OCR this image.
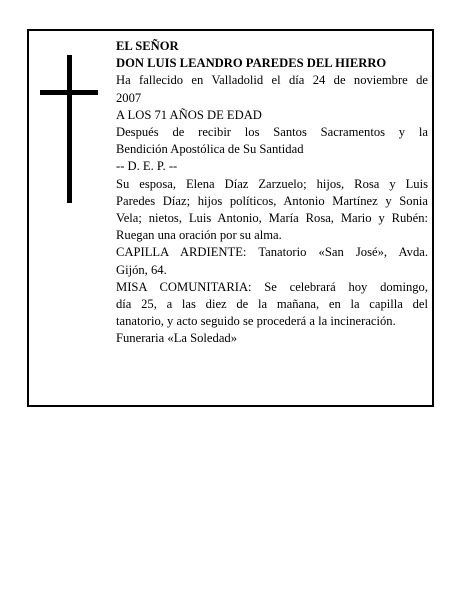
EL SEÑOR
DON LUIS LEANDRO PAREDES DEL HIERRO
Ha fallecido en Valladolid el día 24 de noviembre de
2007
A LOS 71 AÑOS DE EDAD
Después de recibir los Santos Sacramentos y la
Bendición Apostólica de Su Santidad
-- D. E. P. --
Su esposa, Elena Díaz Zarzuelo; hijos, Rosa y Luis
Paredes Díaz; hijos políticos, Antonio Martínez y Sonia
Vela; nietos, Luis Antonio, María Rosa, Mario y Rubén:
Ruegan una oración por su alma.
CAPILLA ARDIENTE: Tanatorio «San José», Avda.
Gijón, 64.
MISA COMUNITARIA: Se celebrará hoy domingo,
día 25, a las diez de la mañana, en la capilla del
tanatorio, y acto seguido se procederá a la incineración.
Funeraria «La Soledad»
